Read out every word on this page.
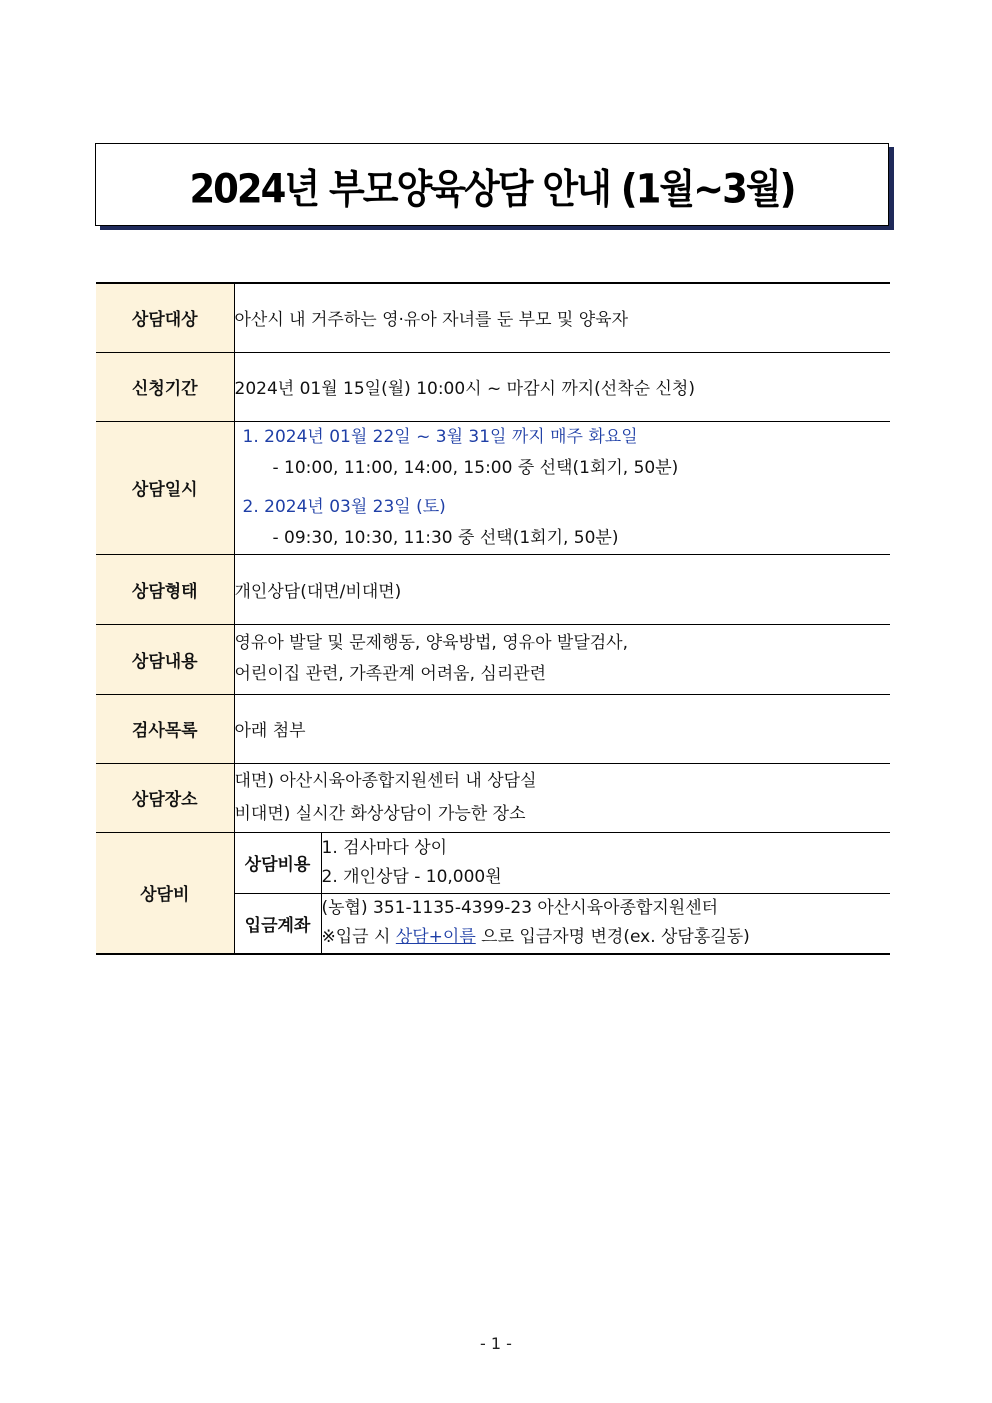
2024년 부모양육상담 안내 (1월~3월)
상담대상	아산시 내 거주하는 영·유아 자녀를 둔 부모 및 양육자	
신청기간	2024년 01월 15일(월) 10:00시 ~ 마감시 까지(선착순 신청)	
상담일시	1. 2024년 01월 22일 ~ 3월 31일 까지 매주 화요일
- 10:00, 11:00, 14:00, 15:00 중 선택(1회기, 50분)
2. 2024년 03월 23일 (토)
- 09:30, 10:30, 11:30 중 선택(1회기, 50분)	

상담형태	개인상담(대면/비대면)	
상담내용	영유아 발달 및 문제행동, 양육방법, 영유아 발달검사,
어린이집 관련, 가족관계 어려움, 심리관련	

검사목록	아래 첨부	
상담장소	대면) 아산시육아종합지원센터 내 상담실
비대면) 실시간 화상상담이 가능한 장소	

상담비	상담비용	1. 검사마다 상이
2. 개인상담 - 10,000원

	입금계좌	(농협) 351-1135-4399-23 아산시육아종합지원센터
※입금 시 상담+이름 으로 입금자명 변경(ex. 상담홍길동)
- 1 -
